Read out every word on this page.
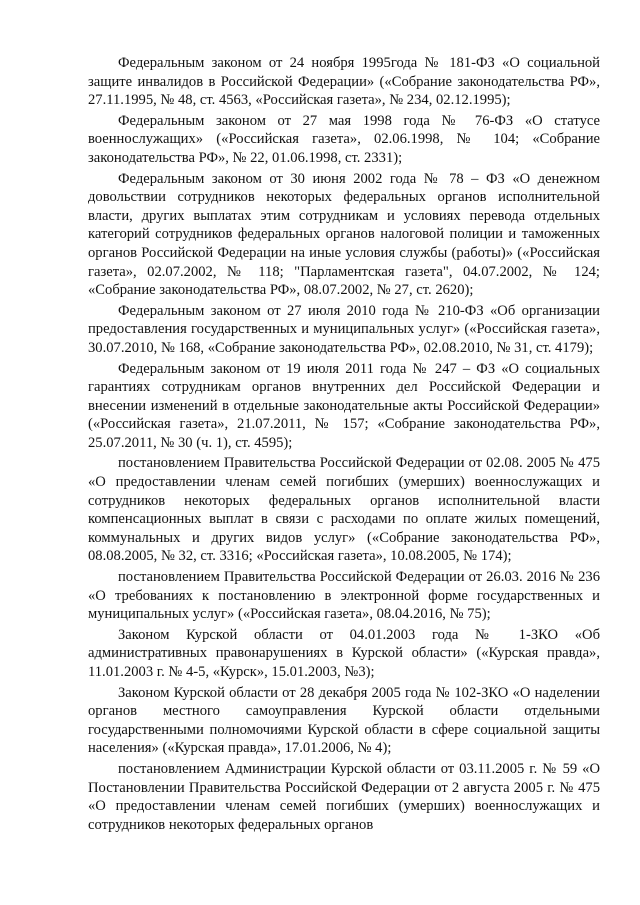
Федеральным законом от 24 ноября 1995года № 181-ФЗ «О социальной защите инвалидов в Российской Федерации» («Собрание законодательства РФ», 27.11.1995, № 48, ст. 4563, «Российская газета», № 234, 02.12.1995);

Федеральным законом от 27 мая 1998 года № 76-ФЗ «О статусе военнослужащих» («Российская газета», 02.06.1998, № 104; «Собрание законодательства РФ», № 22, 01.06.1998, ст. 2331);

Федеральным законом от 30 июня 2002 года № 78 – ФЗ «О денежном довольствии сотрудников некоторых федеральных органов исполнительной власти, других выплатах этим сотрудникам и условиях перевода отдельных категорий сотрудников федеральных органов налоговой полиции и таможенных органов Российской Федерации на иные условия службы (работы)» («Российская газета», 02.07.2002, № 118; "Парламентская газета", 04.07.2002, № 124; «Собрание законодательства РФ», 08.07.2002, № 27, ст. 2620);

Федеральным законом от 27 июля 2010 года № 210-ФЗ «Об организации предоставления государственных и муниципальных услуг» («Российская газета», 30.07.2010, № 168, «Собрание законодательства РФ», 02.08.2010, № 31, ст. 4179);

Федеральным законом от 19 июля 2011 года № 247 – ФЗ «О социальных гарантиях сотрудникам органов внутренних дел Российской Федерации и внесении изменений в отдельные законодательные акты Российской Федерации» («Российская газета», 21.07.2011, № 157; «Собрание законодательства РФ», 25.07.2011, № 30 (ч. 1), ст. 4595);

постановлением Правительства Российской Федерации от 02.08. 2005 № 475 «О предоставлении членам семей погибших (умерших) военнослужащих и сотрудников некоторых федеральных органов исполнительной власти компенсационных выплат в связи с расходами по оплате жилых помещений, коммунальных и других видов услуг» («Собрание законодательства РФ», 08.08.2005, № 32, ст. 3316; «Российская газета», 10.08.2005, № 174);

постановлением Правительства Российской Федерации от 26.03. 2016 № 236 «О требованиях к постановлению в электронной форме государственных и муниципальных услуг» («Российская газета», 08.04.2016, № 75);

Законом Курской области от 04.01.2003 года № 1-ЗКО «Об административных правонарушениях в Курской области» («Курская правда», 11.01.2003 г. № 4-5, «Курск», 15.01.2003, №3);

Законом Курской области от 28 декабря 2005 года № 102-ЗКО «О наделении органов местного самоуправления Курской области отдельными государственными полномочиями Курской области в сфере социальной защиты населения» («Курская правда», 17.01.2006, № 4);

постановлением Администрации Курской области от 03.11.2005 г. № 59 «О Постановлении Правительства Российской Федерации от 2 августа 2005 г. № 475 «О предоставлении членам семей погибших (умерших) военнослужащих и сотрудников некоторых федеральных органов
